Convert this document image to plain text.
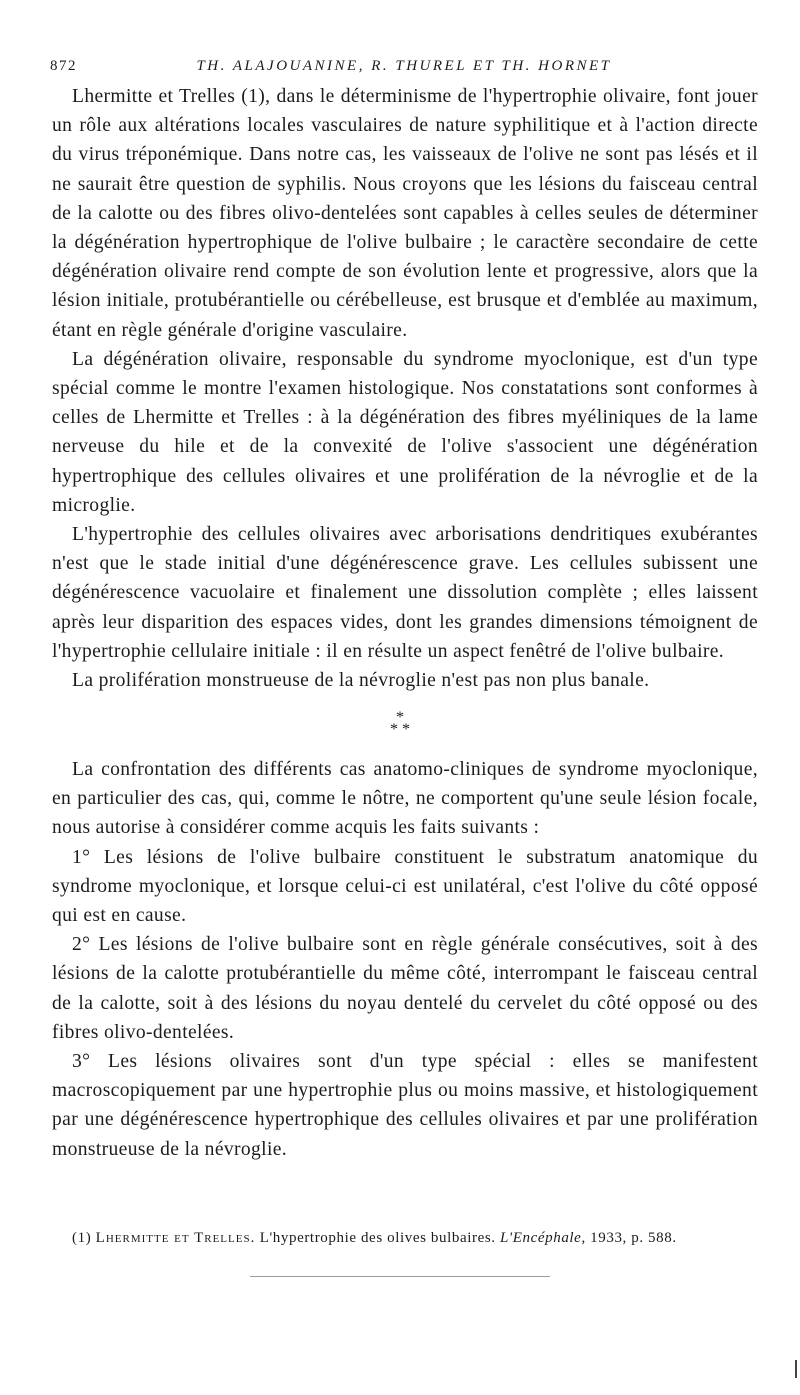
872	TH. ALAJOUANINE, R. THUREL ET TH. HORNET

Lhermitte et Trelles (1), dans le déterminisme de l'hypertrophie olivaire, font jouer un rôle aux altérations locales vasculaires de nature syphilitique et à l'action directe du virus tréponémique. Dans notre cas, les vaisseaux de l'olive ne sont pas lésés et il ne saurait être question de syphilis. Nous croyons que les lésions du faisceau central de la calotte ou des fibres olivo-dentelées sont capables à celles seules de déterminer la dégénération hypertrophique de l'olive bulbaire ; le caractère secondaire de cette dégénération olivaire rend compte de son évolution lente et progressive, alors que la lésion initiale, protubérantielle ou cérébelleuse, est brusque et d'emblée au maximum, étant en règle générale d'origine vasculaire.

La dégénération olivaire, responsable du syndrome myoclonique, est d'un type spécial comme le montre l'examen histologique. Nos constatations sont conformes à celles de Lhermitte et Trelles : à la dégénération des fibres myéliniques de la lame nerveuse du hile et de la convexité de l'olive s'associent une dégénération hypertrophique des cellules olivaires et une prolifération de la névroglie et de la microglie.

L'hypertrophie des cellules olivaires avec arborisations dendritiques exubérantes n'est que le stade initial d'une dégénérescence grave. Les cellules subissent une dégénérescence vacuolaire et finalement une dissolution complète ; elles laissent après leur disparition des espaces vides, dont les grandes dimensions témoignent de l'hypertrophie cellulaire initiale : il en résulte un aspect fenêtré de l'olive bulbaire.

La prolifération monstrueuse de la névroglie n'est pas non plus banale.

*
* *

La confrontation des différents cas anatomo-cliniques de syndrome myoclonique, en particulier des cas, qui, comme le nôtre, ne comportent qu'une seule lésion focale, nous autorise à considérer comme acquis les faits suivants :

1° Les lésions de l'olive bulbaire constituent le substratum anatomique du syndrome myoclonique, et lorsque celui-ci est unilatéral, c'est l'olive du côté opposé qui est en cause.

2° Les lésions de l'olive bulbaire sont en règle générale consécutives, soit à des lésions de la calotte protubérantielle du même côté, interrompant le faisceau central de la calotte, soit à des lésions du noyau dentelé du cervelet du côté opposé ou des fibres olivo-dentelées.

3° Les lésions olivaires sont d'un type spécial : elles se manifestent macroscopiquement par une hypertrophie plus ou moins massive, et histologiquement par une dégénérescence hypertrophique des cellules olivaires et par une prolifération monstrueuse de la névroglie.

(1) Lhermitte et Trelles. L'hypertrophie des olives bulbaires. L'Encéphale, 1933, p. 588.
